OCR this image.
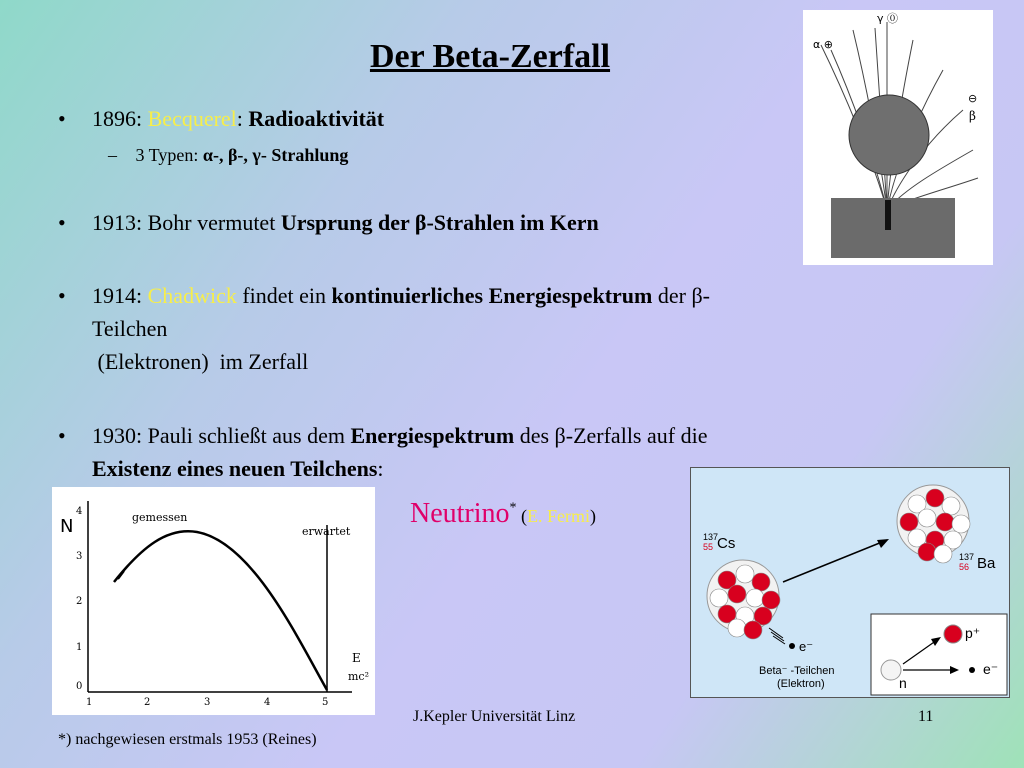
Der Beta-Zerfall
• 1896: Becquerel: Radioaktivität
– 3 Typen: α-, β-, γ- Strahlung
• 1913: Bohr vermutet Ursprung der β-Strahlen im Kern
• 1914: Chadwick findet ein kontinuierliches Energiespektrum der β-
Teilchen
(Elektronen)  im Zerfall
• 1930: Pauli schließt aus dem Energiespektrum des β-Zerfalls auf die
Existenz eines neuen Teilchens:
Neutrino* (E. Fermi)
α ⊕
γ ⓪
⊖
β
0
1
2
3
4
1	2	3	4	5
gemessen
erwartet
E
mc²
N	137
55 Cs
137
56 Ba
e⁻
Beta⁻ -Teilchen
(Elektron)
p⁺
n
e⁻
J.Kepler Universität Linz	11
*) nachgewiesen erstmals 1953 (Reines)
